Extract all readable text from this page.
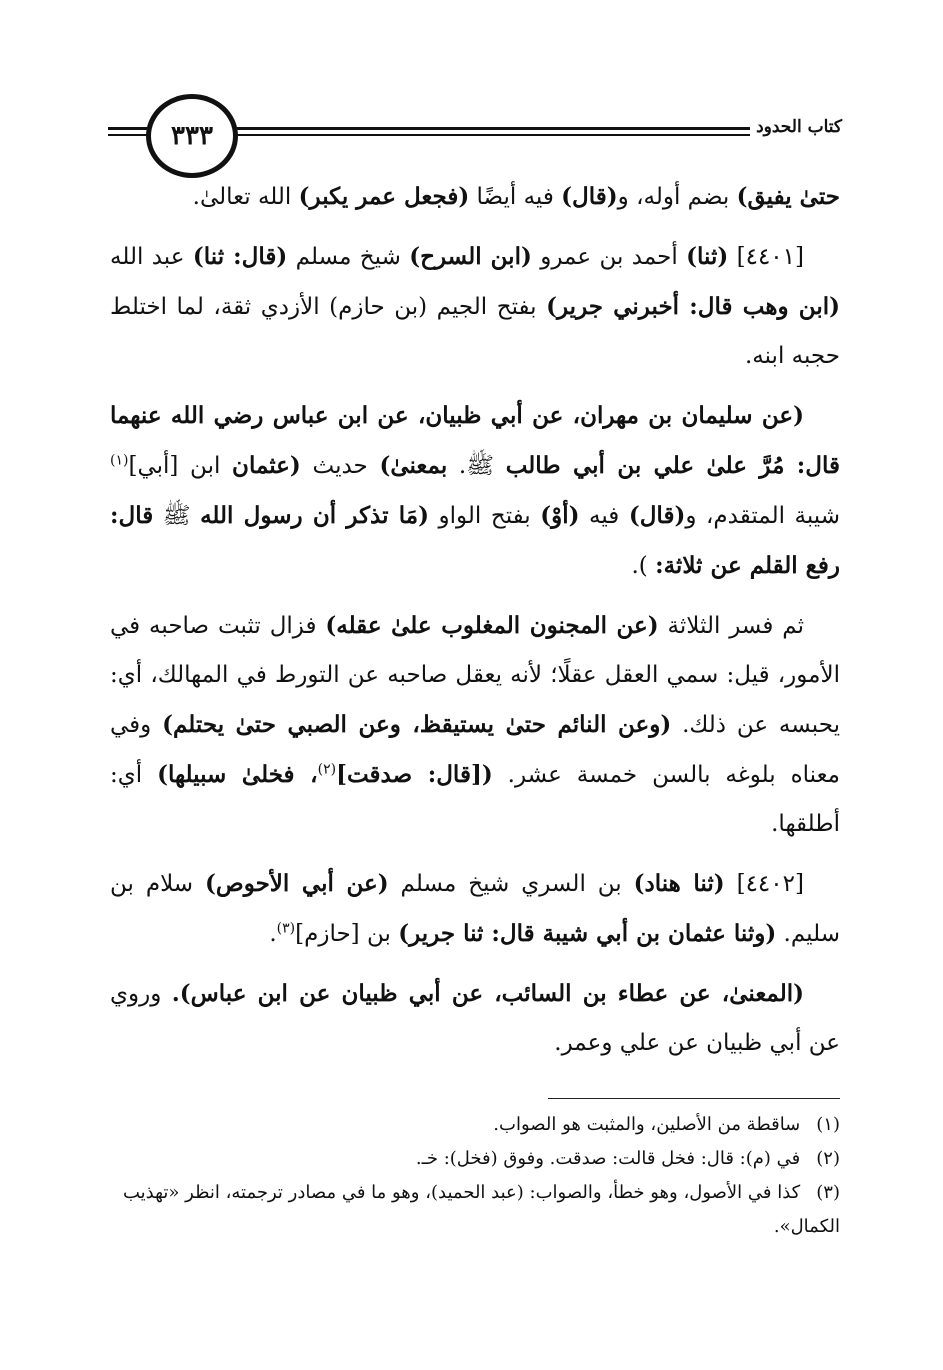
كتاب الحدود
٣٣٣

حتىٰ يفيق) بضم أوله، و(قال) فيه أيضًا (فجعل عمر يكبر) الله تعالىٰ.

[٤٤٠١] (ثنا) أحمد بن عمرو (ابن السرح) شيخ مسلم (قال: ثنا) عبد الله (ابن وهب قال: أخبرني جرير) بفتح الجيم (بن حازم) الأزدي ثقة، لما اختلط حجبه ابنه.

(عن سليمان بن مهران، عن أبي ظبيان، عن ابن عباس رضي الله عنهما قال: مُرَّ علىٰ علي بن أبي طالب ﷺ. بمعنىٰ) حديث (عثمان ابن [أبي]$^{(١)}$ شيبة المتقدم، و(قال) فيه (أوْ) بفتح الواو (مَا تذكر أن رسول الله ﷺ قال: رفع القلم عن ثلاثة: ).

ثم فسر الثلاثة (عن المجنون المغلوب علىٰ عقله) فزال تثبت صاحبه في الأمور، قيل: سمي العقل عقلًا؛ لأنه يعقل صاحبه عن التورط في المهالك، أي: يحبسه عن ذلك. (وعن النائم حتىٰ يستيقظ، وعن الصبي حتىٰ يحتلم) وفي معناه بلوغه بالسن خمسة عشر. ([قال: صدقت]$^{(٢)}$، فخلىٰ سبيلها) أي: أطلقها.

[٤٤٠٢] (ثنا هناد) بن السري شيخ مسلم (عن أبي الأحوص) سلام بن سليم. (وثنا عثمان بن أبي شيبة قال: ثنا جرير) بن [حازم]$^{(٣)}$.

(المعنىٰ، عن عطاء بن السائب، عن أبي ظبيان عن ابن عباس). وروي عن أبي ظبيان عن علي وعمر.

(١) ساقطة من الأصلين، والمثبت هو الصواب.

(٢) في (م): قال: فخل قالت: صدقت. وفوق (فخل): خـ.

(٣) كذا في الأصول، وهو خطأ، والصواب: (عبد الحميد)، وهو ما في مصادر ترجمته، انظر «تهذيب الكمال».
